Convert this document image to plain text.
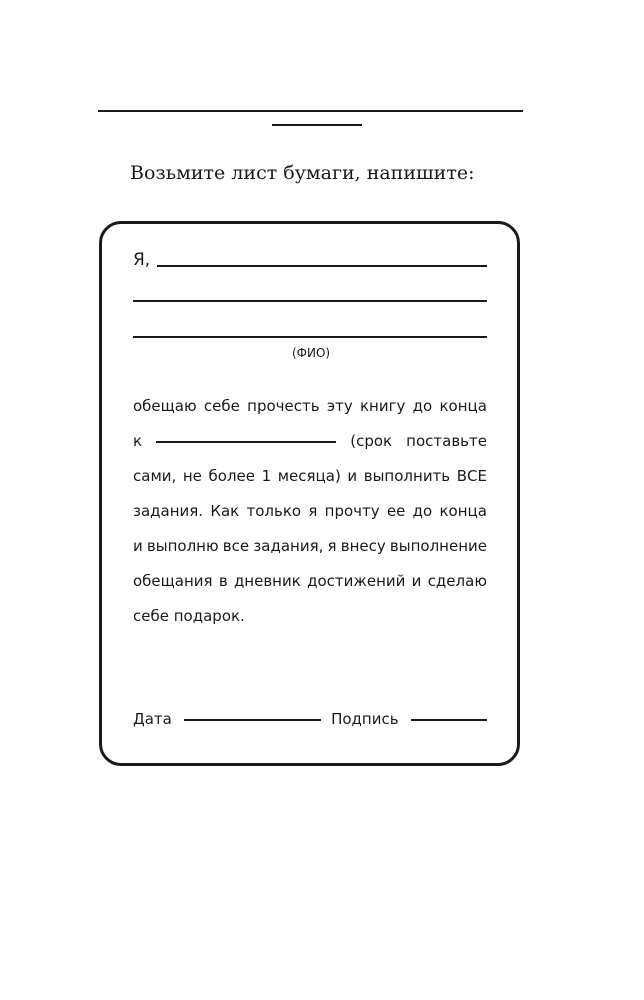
Возьмите лист бумаги, напишите:
Я,
(ФИО)
обещаю себе прочесть эту книгу до конца
к	(срок поставьте
сами, не более 1 месяца) и выполнить ВСЕ
задания. Как только я прочту ее до конца
и выполню все задания, я внесу выполнение
обещания в дневник достижений и сделаю
себе
подарок.
Дата	Подпись
